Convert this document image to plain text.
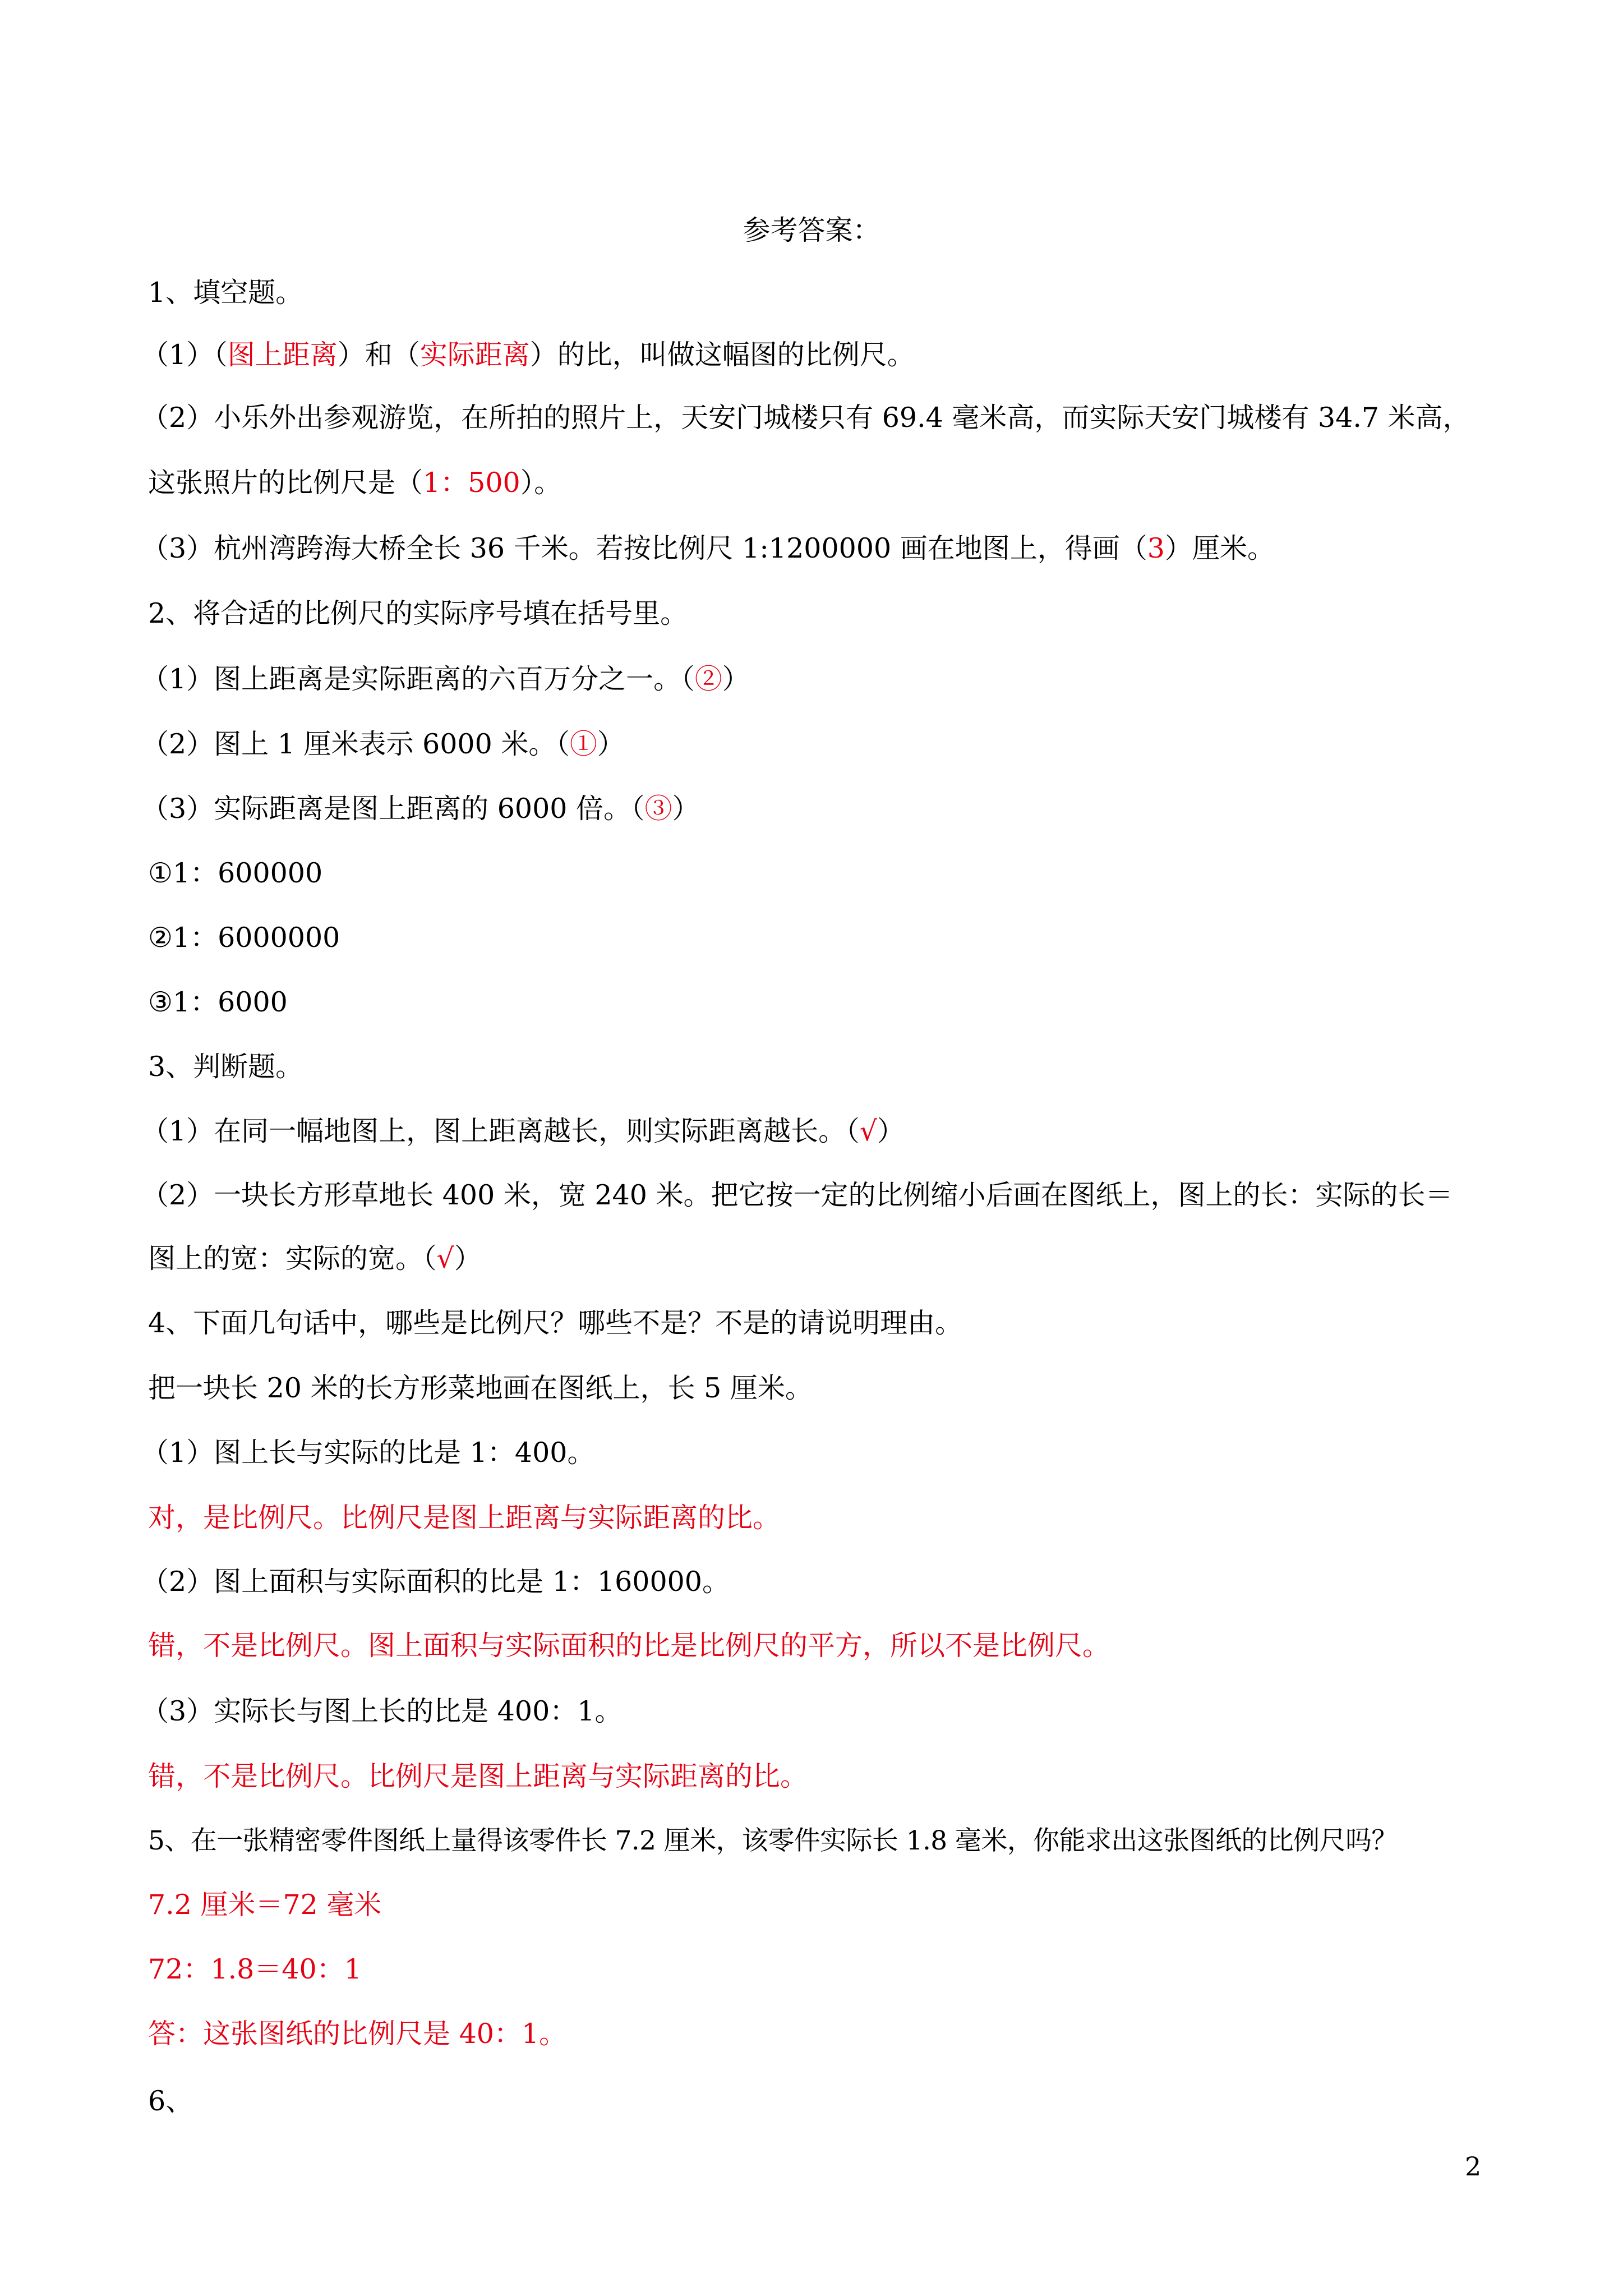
参考答案：
1、填空题。
（1）（图上距离）和（实际距离）的比，叫做这幅图的比例尺。
（2）小乐外出参观游览，在所拍的照片上，天安门城楼只有 69.4 毫米高，而实际天安门城楼有 34.7 米高，
这张照片的比例尺是（1：500）。
（3）杭州湾跨海大桥全长 36 千米。若按比例尺 1:1200000 画在地图上，得画（3）厘米。
2、将合适的比例尺的实际序号填在括号里。
（1）图上距离是实际距离的六百万分之一。（②）
（2）图上 1 厘米表示 6000 米。（①）
（3）实际距离是图上距离的 6000 倍。（③）
①1：600000
②1：6000000
③1：6000
3、判断题。
（1）在同一幅地图上，图上距离越长，则实际距离越长。（√）
（2）一块长方形草地长 400 米，宽 240 米。把它按一定的比例缩小后画在图纸上，图上的长：实际的长＝
图上的宽：实际的宽。（√）
4、下面几句话中，哪些是比例尺？哪些不是？不是的请说明理由。
把一块长 20 米的长方形菜地画在图纸上，长 5 厘米。
（1）图上长与实际的比是 1：400。
对，是比例尺。比例尺是图上距离与实际距离的比。
（2）图上面积与实际面积的比是 1：160000。
错，不是比例尺。图上面积与实际面积的比是比例尺的平方，所以不是比例尺。
（3）实际长与图上长的比是 400：1。
错，不是比例尺。比例尺是图上距离与实际距离的比。
5、在一张精密零件图纸上量得该零件长 7.2 厘米，该零件实际长 1.8 毫米，你能求出这张图纸的比例尺吗？
7.2 厘米＝72 毫米
72：1.8＝40：1
答：这张图纸的比例尺是 40：1。
6、
2
